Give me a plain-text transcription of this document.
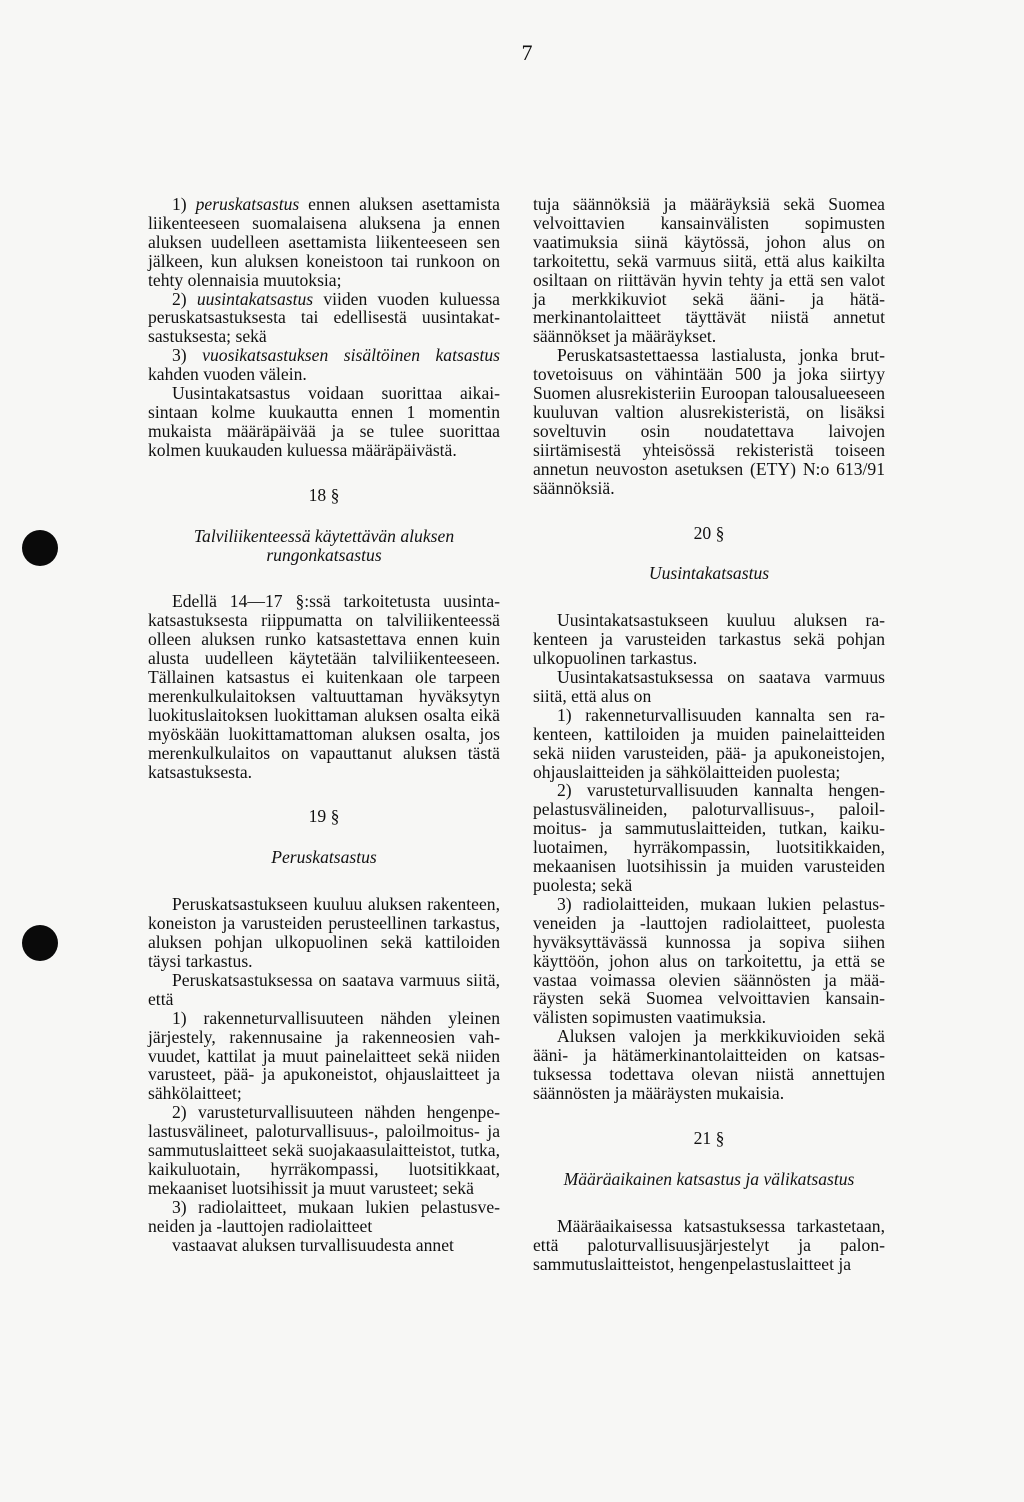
7

1) peruskatsastus ennen aluksen asettamista liikenteeseen suomalaisena aluksena ja ennen aluksen uudelleen asettamista liikenteeseen sen jälkeen, kun aluksen koneistoon tai runkoon on tehty olennaisia muutoksia;

2) uusintakatsastus viiden vuoden kuluessa peruskatsastuksesta tai edellisestä uusintakatsastuksesta; sekä

3) vuosikatsastuksen sisältöinen katsastus kahden vuoden välein.

Uusintakatsastus voidaan suorittaa aikaisintaan kolme kuukautta ennen 1 momentin mukaista määräpäivää ja se tulee suorittaa kolmen kuukauden kuluessa määräpäivästä.

18 §

Talviliikenteessä käytettävän aluksen rungonkatsastus

Edellä 14—17 §:ssä tarkoitetusta uusintakatsastuksesta riippumatta on talviliikenteessä olleen aluksen runko katsastettava ennen kuin alusta uudelleen käytetään talviliikenteeseen. Tällainen katsastus ei kuitenkaan ole tarpeen merenkulkulaitoksen valtuuttaman hyväksytyn luokituslaitoksen luokittaman aluksen osalta eikä myöskään luokittamattoman aluksen osalta, jos merenkulkulaitos on vapauttanut aluksen tästä katsastuksesta.

19 §

Peruskatsastus

Peruskatsastukseen kuuluu aluksen rakenteen, koneiston ja varusteiden perusteellinen tarkastus, aluksen pohjan ulkopuolinen sekä kattiloiden täysi tarkastus.

Peruskatsastuksessa on saatava varmuus siitä, että

1) rakenneturvallisuuteen nähden yleinen järjestely, rakennusaine ja rakenneosien vahvuudet, kattilat ja muut painelaitteet sekä niiden varusteet, pää- ja apukoneistot, ohjauslaitteet ja sähkölaitteet;

2) varusteturvallisuuteen nähden hengenpelastusvälineet, paloturvallisuus-, paloilmoitus- ja sammutuslaitteet sekä suojakaasulaitteistot, tutka, kaikuluotain, hyrräkompassi, luotsitikkaat, mekaaniset luotsihissit ja muut varusteet; sekä

3) radiolaitteet, mukaan lukien pelastusveneiden ja -lauttojen radiolaitteet

vastaavat aluksen turvallisuudesta annet

tuja säännöksiä ja määräyksiä sekä Suomea velvoittavien kansainvälisten sopimusten vaatimuksia siinä käytössä, johon alus on tarkoitettu, sekä varmuus siitä, että alus kaikilta osiltaan on riittävän hyvin tehty ja että sen valot ja merkkikuviot sekä ääni- ja hätämerkinantolaitteet täyttävät niistä annetut säännökset ja määräykset.

Peruskatsastettaessa lastialusta, jonka bruttovetoisuus on vähintään 500 ja joka siirtyy Suomen alusrekisteriin Euroopan talousalueeseen kuuluvan valtion alusrekisteristä, on lisäksi soveltuvin osin noudatettava laivojen siirtämisestä yhteisössä rekisteristä toiseen annetun neuvoston asetuksen (ETY) N:o 613/91 säännöksiä.

20 §

Uusintakatsastus

Uusintakatsastukseen kuuluu aluksen rakenteen ja varusteiden tarkastus sekä pohjan ulkopuolinen tarkastus.

Uusintakatsastuksessa on saatava varmuus siitä, että alus on

1) rakenneturvallisuuden kannalta sen rakenteen, kattiloiden ja muiden painelaitteiden sekä niiden varusteiden, pää- ja apukoneistojen, ohjauslaitteiden ja sähkölaitteiden puolesta;

2) varusteturvallisuuden kannalta hengenpelastusvälineiden, paloturvallisuus-, paloilmoitus- ja sammutuslaitteiden, tutkan, kaikuluotaimen, hyrräkompassin, luotsitikkaiden, mekaanisen luotsihissin ja muiden varusteiden puolesta; sekä

3) radiolaitteiden, mukaan lukien pelastusveneiden ja -lauttojen radiolaitteet, puolesta hyväksyttävässä kunnossa ja sopiva siihen käyttöön, johon alus on tarkoitettu, ja että se vastaa voimassa olevien säännösten ja määräysten sekä Suomea velvoittavien kansainvälisten sopimusten vaatimuksia.

Aluksen valojen ja merkkikuvioiden sekä ääni- ja hätämerkinantolaitteiden on katsastuksessa todettava olevan niistä annettujen säännösten ja määräysten mukaisia.

21 §

Määräaikainen katsastus ja välikatsastus

Määräaikaisessa katsastuksessa tarkastetaan, että paloturvallisuusjärjestelyt ja palonsammutuslaitteistot, hengenpelastuslaitteet ja
